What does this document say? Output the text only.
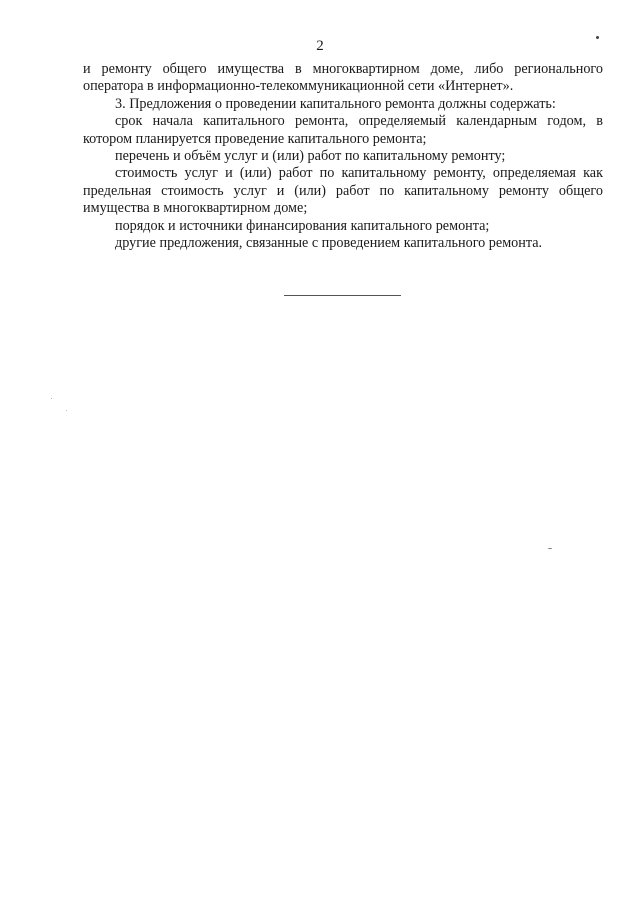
2

и ремонту общего имущества в многоквартирном доме, либо регионального оператора в информационно-телекоммуникационной сети «Интернет».

3. Предложения о проведении капитального ремонта должны содержать:

срок начала капитального ремонта, определяемый календарным годом, в котором планируется проведение капитального ремонта;

перечень и объём услуг и (или) работ по капитальному ремонту;

стоимость услуг и (или) работ по капитальному ремонту, определяемая как предельная стоимость услуг и (или) работ по капитальному ремонту общего имущества в многоквартирном доме;

порядок и источники финансирования капитального ремонта;

другие предложения, связанные с проведением капитального ремонта.
